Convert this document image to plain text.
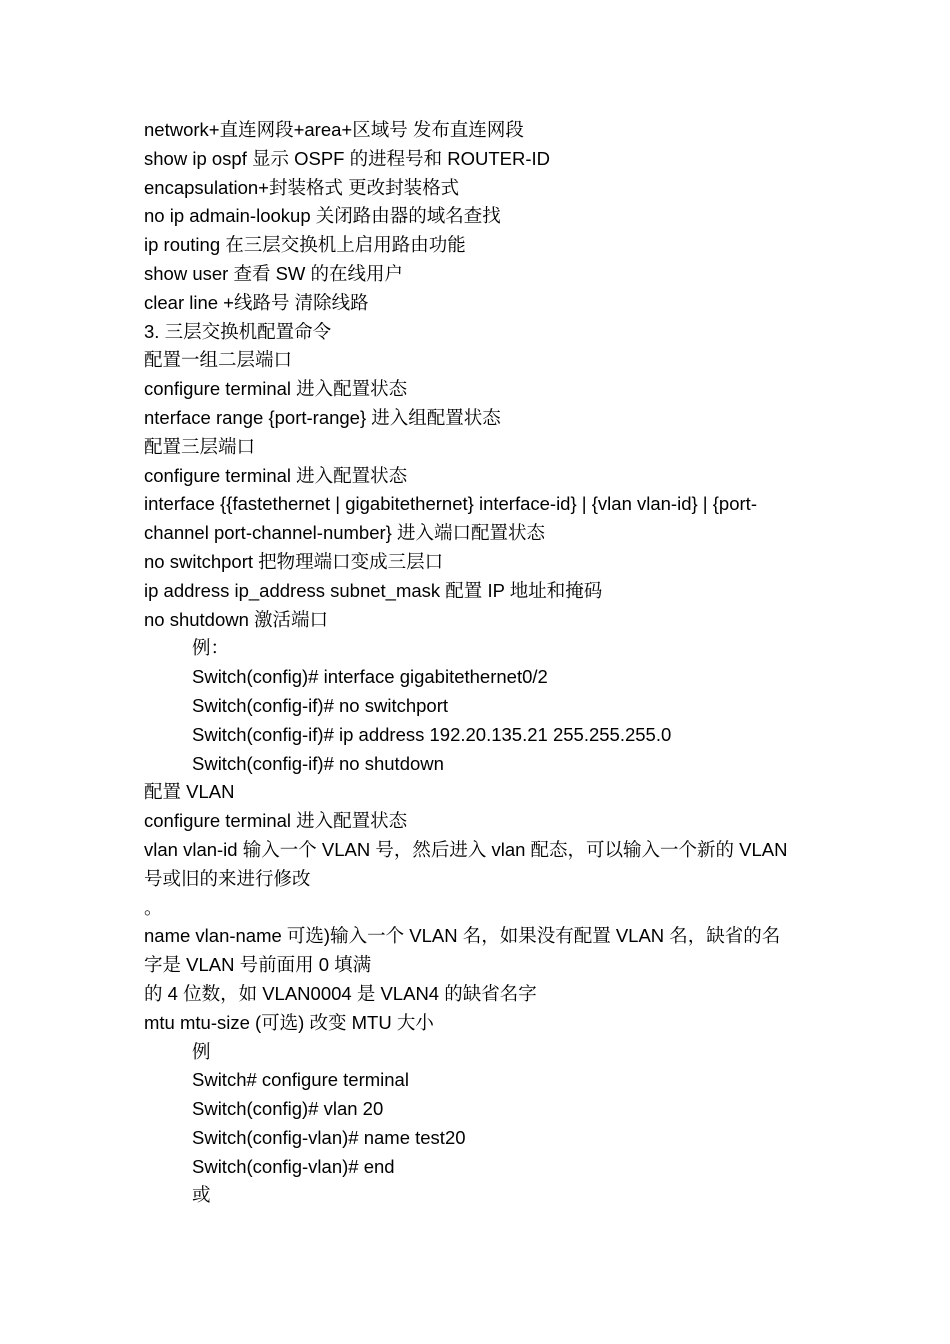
network+直连网段+area+区域号 发布直连网段

show ip ospf 显示 OSPF 的进程号和 ROUTER-ID

encapsulation+封装格式 更改封装格式

no ip admain-lookup 关闭路由器的域名查找

ip routing 在三层交换机上启用路由功能

show user 查看 SW 的在线用户

clear line +线路号 清除线路

3. 三层交换机配置命令

配置一组二层端口

configure terminal 进入配置状态

nterface range {port-range} 进入组配置状态

配置三层端口

configure terminal 进入配置状态

interface {{fastethernet | gigabitethernet} interface-id} | {vlan vlan-id} | {port-

channel port-channel-number} 进入端口配置状态

no switchport 把物理端口变成三层口

ip address ip_address subnet_mask 配置 IP 地址和掩码

no shutdown 激活端口

例：

Switch(config)# interface gigabitethernet0/2

Switch(config-if)# no switchport

Switch(config-if)# ip address 192.20.135.21 255.255.255.0

Switch(config-if)# no shutdown

配置 VLAN

configure terminal 进入配置状态

vlan vlan-id 输入一个 VLAN 号，然后进入 vlan 配态，可以输入一个新的 VLAN

号或旧的来进行修改

。

name vlan-name 可选)输入一个 VLAN 名，如果没有配置 VLAN 名，缺省的名

字是 VLAN 号前面用 0 填满

的 4 位数，如 VLAN0004 是 VLAN4 的缺省名字

mtu mtu-size (可选) 改变 MTU 大小

例

Switch# configure terminal

Switch(config)# vlan 20

Switch(config-vlan)# name test20

Switch(config-vlan)# end

或
